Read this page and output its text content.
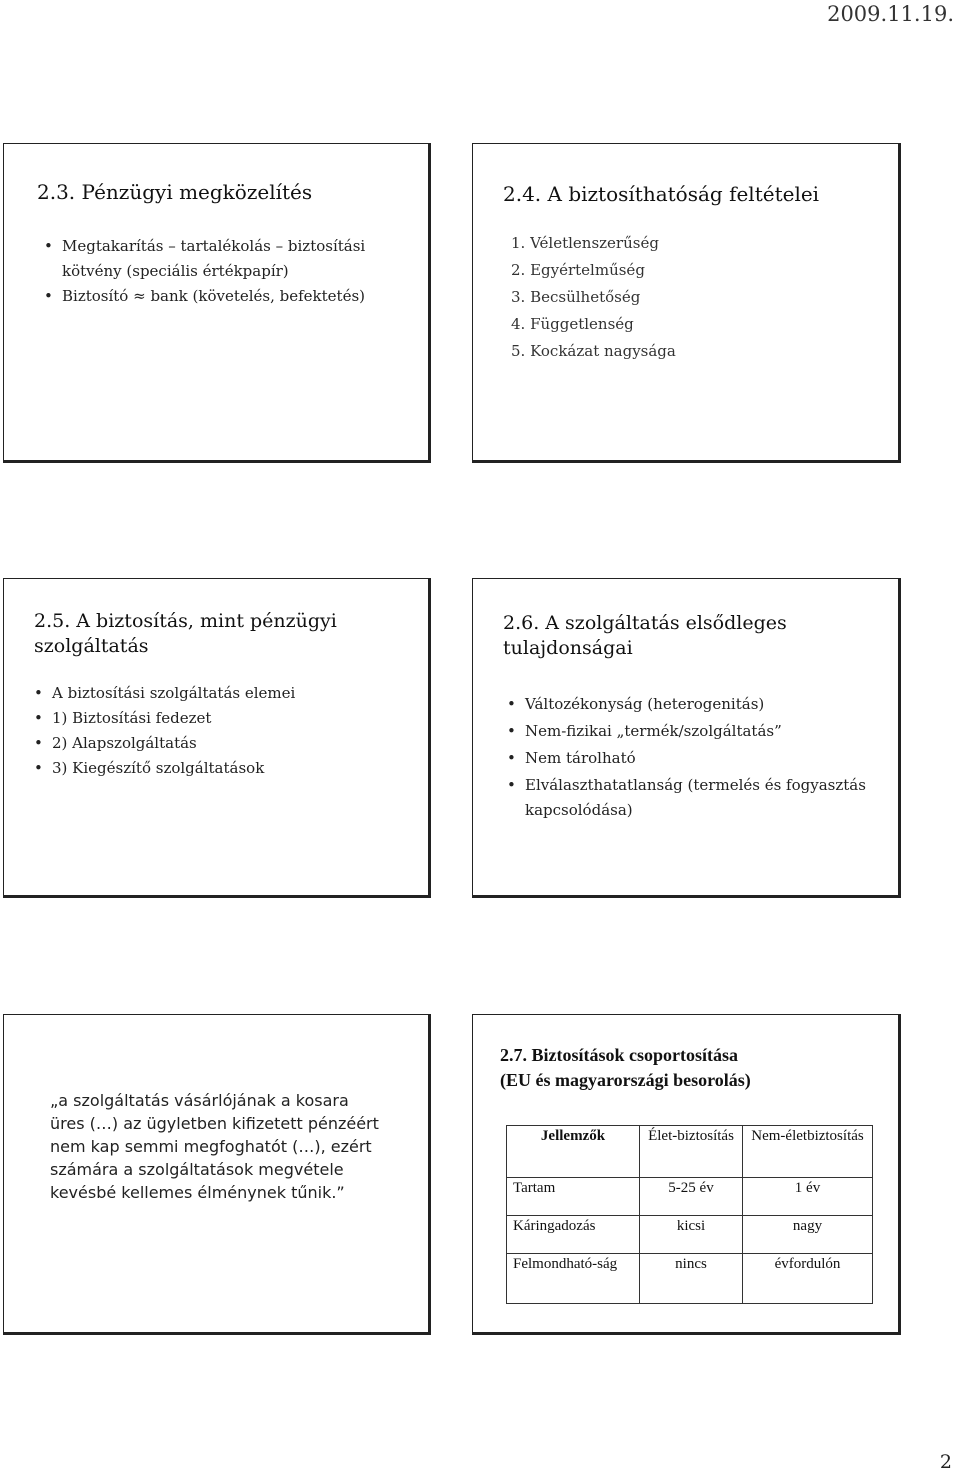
2009.11.19.
2.3. Pénzügyi megközelítés
• Megtakarítás – tartalékolás – biztosítási kötvény (speciális értékpapír)
• Biztosító ≈ bank (követelés, befektetés)
2.4. A biztosíthatóság feltételei
1. Véletlenszerűség
2. Egyértelműség
3. Becsülhetőség
4. Függetlenség
5. Kockázat nagysága
2.5. A biztosítás, mint pénzügyi
szolgáltatás
• A biztosítási szolgáltatás elemei
• 1) Biztosítási fedezet
• 2) Alapszolgáltatás
• 3) Kiegészítő szolgáltatások
2.6. A szolgáltatás elsődleges
tulajdonságai
• Változékonyság (heterogenitás)
• Nem-fizikai „termék/szolgáltatás”
• Nem tárolható
• Elválaszthatatlanság (termelés és fogyasztás kapcsolódása)

„a szolgáltatás vásárlójának a kosara üres (…) az ügyletben kifizetett pénzéért nem kap semmi megfoghatót (…), ezért számára a szolgáltatások megvétele kevésbé kellemes élménynek tűnik.”

2.7. Biztosítások csoportosítása
(EU és magyarországi besorolás)
Jellemzők	Élet-biztosítás	Nem-életbiztosítás
Tartam	5-25 év	1 év
Káringadozás	kicsi	nagy
Felmondható-ság	nincs	évfordulón
2
